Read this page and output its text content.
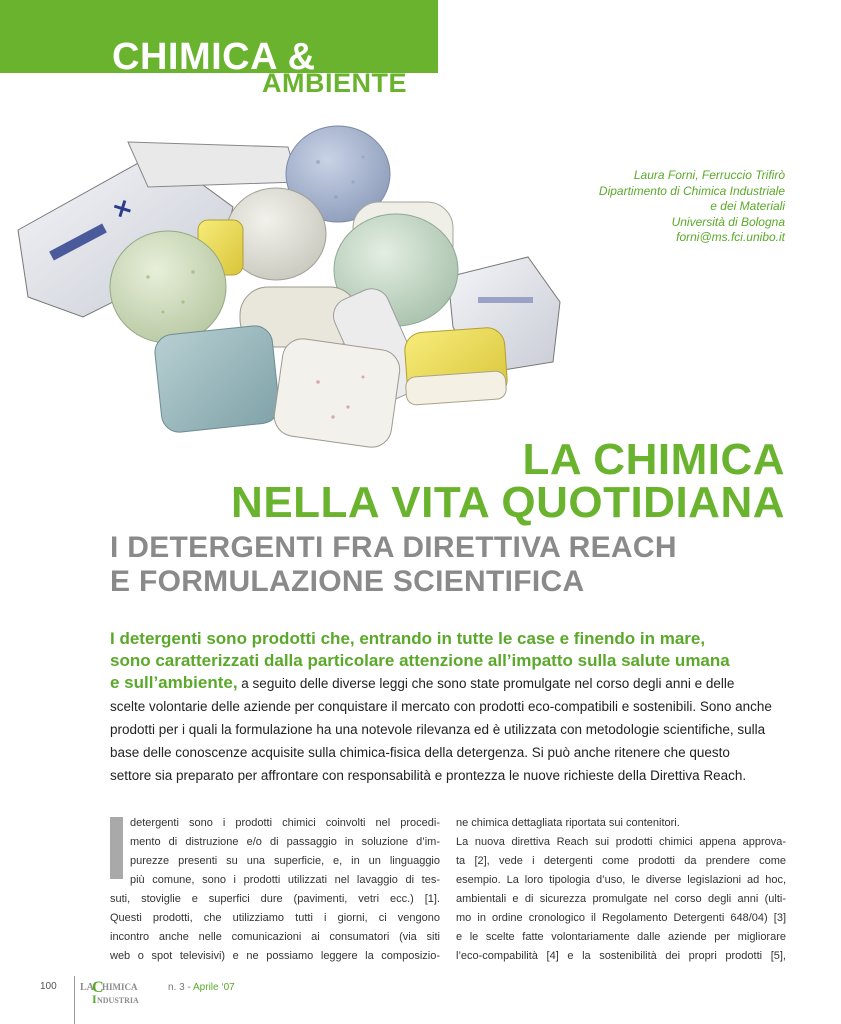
CHIMICA &
AMBIENTE
✕
Laura Forni, Ferruccio Trifirò
Dipartimento di Chimica Industriale
e dei Materiali
Università di Bologna
forni@ms.fci.unibo.it
LA CHIMICA
NELLA VITA QUOTIDIANA
I DETERGENTI FRA DIRETTIVA REACH
E FORMULAZIONE SCIENTIFICA
I detergenti sono prodotti che, entrando in tutte le case e finendo in mare,
sono caratterizzati dalla particolare attenzione all’impatto sulla salute umana
e sull’ambiente, a seguito delle diverse leggi che sono state promulgate nel corso degli anni e delle
scelte volontarie delle aziende per conquistare il mercato con prodotti eco-compatibili e sostenibili. Sono anche
prodotti per i quali la formulazione ha una notevole rilevanza ed è utilizzata con metodologie scientifiche, sulla
base delle conoscenze acquisite sulla chimica-fisica della detergenza. Si può anche ritenere che questo
settore sia preparato per affrontare con responsabilità e prontezza le nuove richieste della Direttiva Reach.
detergenti sono i prodotti chimici coinvolti nel procedi-
mento di distruzione e/o di passaggio in soluzione d’im-
purezze presenti su una superficie, e, in un linguaggio
più comune, sono i prodotti utilizzati nel lavaggio di tes-
suti, stoviglie e superfici dure (pavimenti, vetri ecc.) [1].
Questi prodotti, che utilizziamo tutti i giorni, ci vengono
incontro anche nelle comunicazioni ai consumatori (via siti
web o spot televisivi) e ne possiamo leggere la composizio-
ne chimica dettagliata riportata sui contenitori.
La nuova direttiva Reach sui prodotti chimici appena approva-
ta [2], vede i detergenti come prodotti da prendere come
esempio. La loro tipologia d’uso, le diverse legislazioni ad hoc,
ambientali e di sicurezza promulgate nel corso degli anni (ulti-
mo in ordine cronologico il Regolamento Detergenti 648/04) [3]
e le scelte fatte volontariamente dalle aziende per migliorare
l’eco-compabilità [4] e la sostenibilità dei propri prodotti [5],
100 LA
C
HIMICA
I NDUSTRIA
n. 3 - Aprile ‘07
